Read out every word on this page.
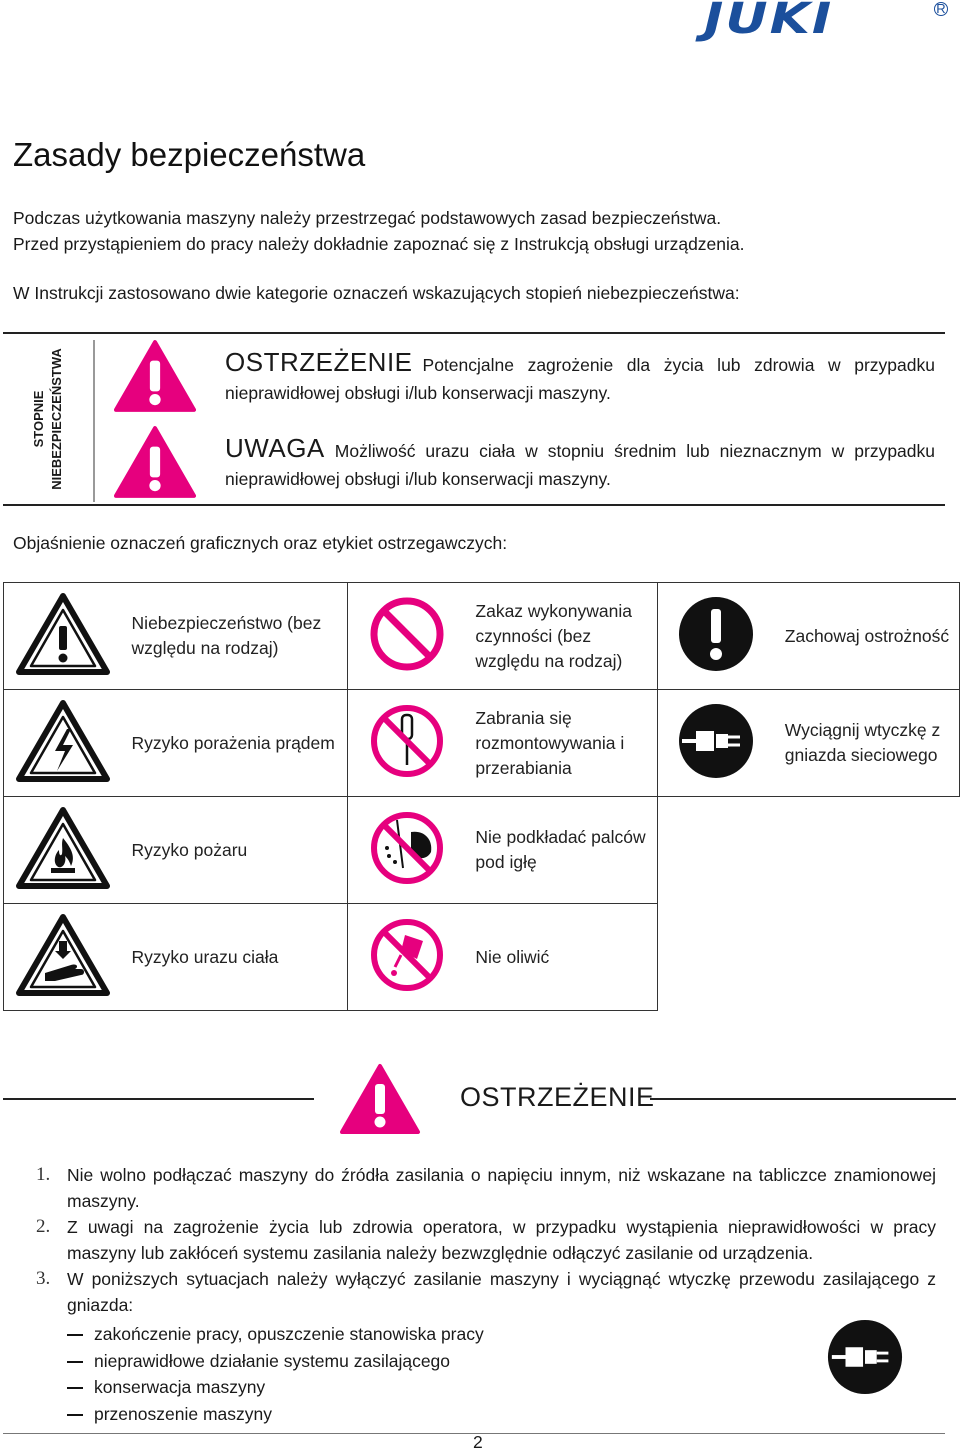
JUKI	R
Zasady bezpieczeństwa
Podczas użytkowania maszyny należy przestrzegać podstawowych zasad bezpieczeństwa.
Przed przystąpieniem do pracy należy dokładnie zapoznać się z Instrukcją obsługi urządzenia.
W Instrukcji zastosowano dwie kategorie oznaczeń wskazujących stopień niebezpieczeństwa:
STOPNIE NIEBEZPIECZEŃSTWA	OSTRZEŻENIE Potencjalne zagrożenie dla życia lub zdrowia w przypadku nieprawidłowej obsługi i/lub konserwacji maszyny.
UWAGA Możliwość urazu ciała w stopniu średnim lub nieznacznym w przypadku nieprawidłowej obsługi i/lub konserwacji maszyny.
Objaśnienie oznaczeń graficznych oraz etykiet ostrzegawczych:
	Niebezpieczeństwo (bez względu na rodzaj)		Zakaz wykonywania czynności (bez względu na rodzaj)		Zachowaj ostrożność
	Ryzyko porażenia prądem		Zabrania się rozmontowywania i przerabiania		Wyciągnij wtyczkę z gniazda sieciowego
	Ryzyko pożaru		Nie podkładać palców pod igłę		
	Ryzyko urazu ciała		Nie oliwić		
OSTRZEŻENIE
1. Nie wolno podłączać maszyny do źródła zasilania o napięciu innym, niż wskazane na tabliczce znamionowej maszyny.
2. Z uwagi na zagrożenie życia lub zdrowia operatora, w przypadku wystąpienia nieprawidłowości w pracy maszyny lub zakłóceń systemu zasilania należy bezwzględnie odłączyć zasilanie od urządzenia.
3. W poniższych sytuacjach należy wyłączyć zasilanie maszyny i wyciągnąć wtyczkę przewodu zasilającego z gniazda:
zakończenie pracy, opuszczenie stanowiska pracy
nieprawidłowe działanie systemu zasilającego
konserwacja maszyny
przenoszenie maszyny
2
